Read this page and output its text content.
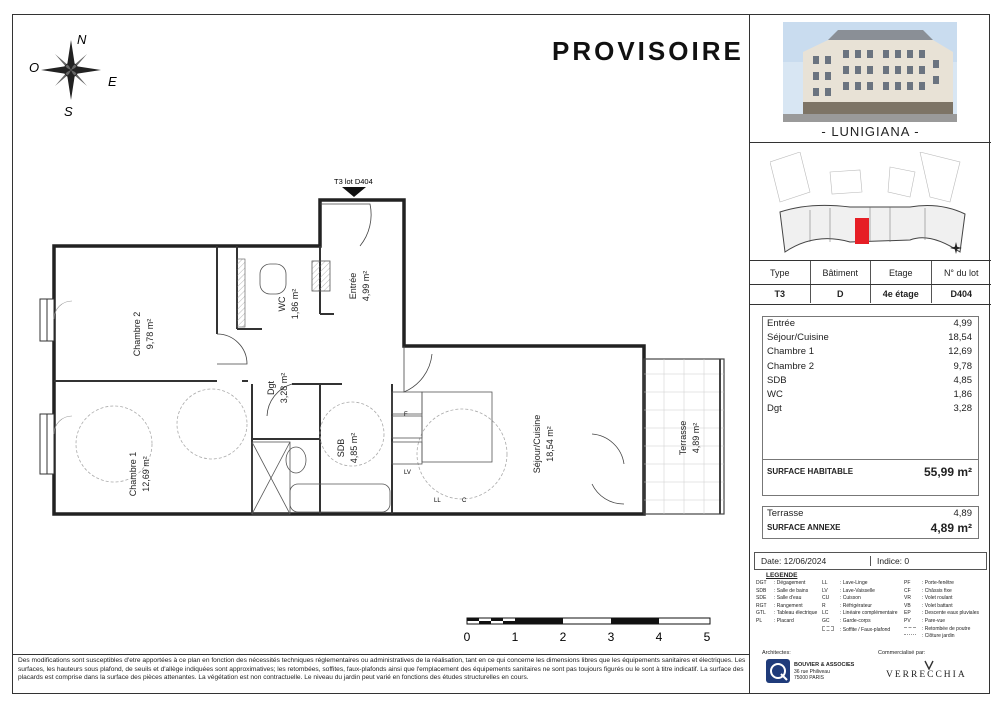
N
S
E
O
T3 lot D404
F
LV
LL	C
Chambre 2 9,78 m²
WC 1,86 m²
Entrée 4,99 m²
Dgt 3,28 m²
Chambre 1 12,69 m²
SDB 4,85 m²	Séjour/Cuisine 18,54 m²	Terrasse 4,89 m²
0	1	2	3	4	5
PROVISOIRE
Des modifications sont susceptibles d'etre apportées à ce plan en fonction des nécessités techniques réglementaires ou administratives de la réalisation, tant en ce qui concerne les dimensions libres que les équipements sanitaires et électriques. Les surfaces, les hauteurs sous plafond, de seuils et d'allège indiquées sont approximatives; les retombées, soffites, faux-plafonds ainsi que l'emplacement des équipements sanitaires ne sont pas toujours figurés ou le sont à titre indicatif. La surface des placards est comprise dans la surface des pièces attenantes. La végétation est non contractuelle. Le niveau du jardin peut varié en fonctions des études structurelles en cours.
- LUNIGIANA -
Type	Bâtiment	Etage	N° du lot
T3	D	4e étage	D404
Entrée	4,99
Séjour/Cuisine	18,54
Chambre 1	12,69
Chambre 2	9,78
SDB	4,85
WC	1,86
Dgt	3,28
SURFACE HABITABLE	55,99 m²
Terrasse	4,89
SURFACE ANNEXE	4,89 m²
Date: 12/06/2024	Indice: 0
LEGENDE
DGT : Dégagement
SDB : Salle de bains
SDE : Salle d'eau
RGT : Rangement
GTL : Tableau électrique
PL : Placard
LL : Lave-Linge
LV : Lave-Vaisselle
CU : Cuisson
R	: Réfrigérateur
LC : Linéaire complémentaire
GC : Garde-corps
: Soffite / Faux-plafond
PF : Porte-fenêtre
CF : Châssis fixe
VR : Volet roulant
VB : Volet battant
EP : Descente eaux pluviales
PV : Pare-vue
: Retombée de poutre
: Clôture jardin
Architectes:
BOUVIER & ASSOCIES
36 rue Philiveau
75000 PARIS
Commercialisé par:
VERRECCHIA
